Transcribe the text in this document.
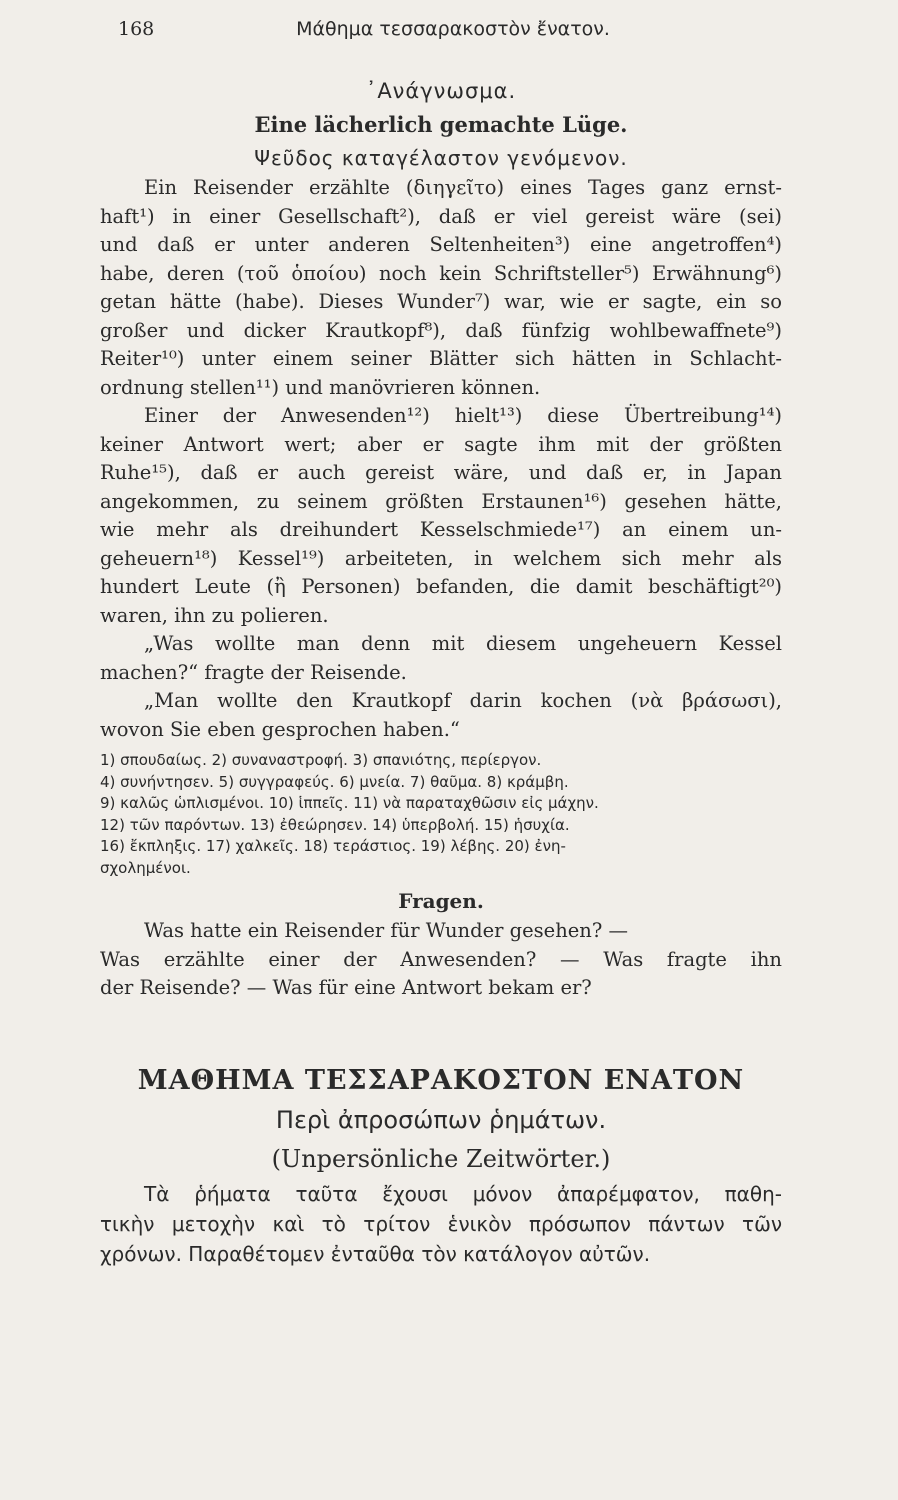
168	Μάθημα τεσσαρακοστὸν ἔνατον.
᾿Ανάγνωσμα.
Eine lächerlich gemachte Lüge.
Ψεῦδος καταγέλαστον γενόμενον.
Ein Reisender erzählte (διηγεῖτο) eines Tages ganz ernst-
haft¹) in einer Gesellschaft²), daß er viel gereist wäre (sei)
und daß er unter anderen Seltenheiten³) eine angetroffen⁴)
habe, deren (τοῦ ὁποίου) noch kein Schriftsteller⁵) Erwähnung⁶)
getan hätte (habe). Dieses Wunder⁷) war, wie er sagte, ein so
großer und dicker Krautkopf⁸), daß fünfzig wohlbewaffnete⁹)
Reiter¹⁰) unter einem seiner Blätter sich hätten in Schlacht-
ordnung stellen¹¹) und manövrieren können.
Einer der Anwesenden¹²) hielt¹³) diese Übertreibung¹⁴)
keiner Antwort wert; aber er sagte ihm mit der größten
Ruhe¹⁵), daß er auch gereist wäre, und daß er, in Japan
angekommen, zu seinem größten Erstaunen¹⁶) gesehen hätte,
wie mehr als dreihundert Kesselschmiede¹⁷) an einem un-
geheuern¹⁸) Kessel¹⁹) arbeiteten, in welchem sich mehr als
hundert Leute (ἢ Personen) befanden, die damit beschäftigt²⁰)
waren, ihn zu polieren.
„Was wollte man denn mit diesem ungeheuern Kessel
machen?“ fragte der Reisende.
„Man wollte den Krautkopf darin kochen (νὰ βράσωσι),
wovon Sie eben gesprochen haben.“
1) σπουδαίως. 2) συναναστροφή. 3) σπανιότης, περίεργον.
4) συνήντησεν. 5) συγγραφεύς. 6) μνεία. 7) θαῦμα. 8) κράμβη.
9) καλῶς ὡπλισμένοι. 10) ἱππεῖς. 11) νὰ παραταχθῶσιν εἰς μάχην.
12) τῶν παρόντων. 13) ἐθεώρησεν. 14) ὑπερβολή. 15) ἡσυχία.
16) ἔκπληξις. 17) χαλκεῖς. 18) τεράστιος. 19) λέβης. 20) ἐνη-
σχολημένοι.
Fragen.
Was hatte ein Reisender für Wunder gesehen? —
Was erzählte einer der Anwesenden? — Was fragte ihn
der Reisende? — Was für eine Antwort bekam er?
ΜΑΘΗΜΑ ΤΕΣΣΑΡΑΚΟΣΤΟΝ ΕΝΑΤΟΝ
Περὶ ἀπροσώπων ῥημάτων.
(Unpersönliche Zeitwörter.)
Τὰ ῥήματα ταῦτα ἔχουσι μόνον ἀπαρέμφατον, παθη-
τικὴν μετοχὴν καὶ τὸ τρίτον ἑνικὸν πρόσωπον πάντων τῶν
χρόνων. Παραθέτομεν ἐνταῦθα τὸν κατάλογον αὐτῶν.
